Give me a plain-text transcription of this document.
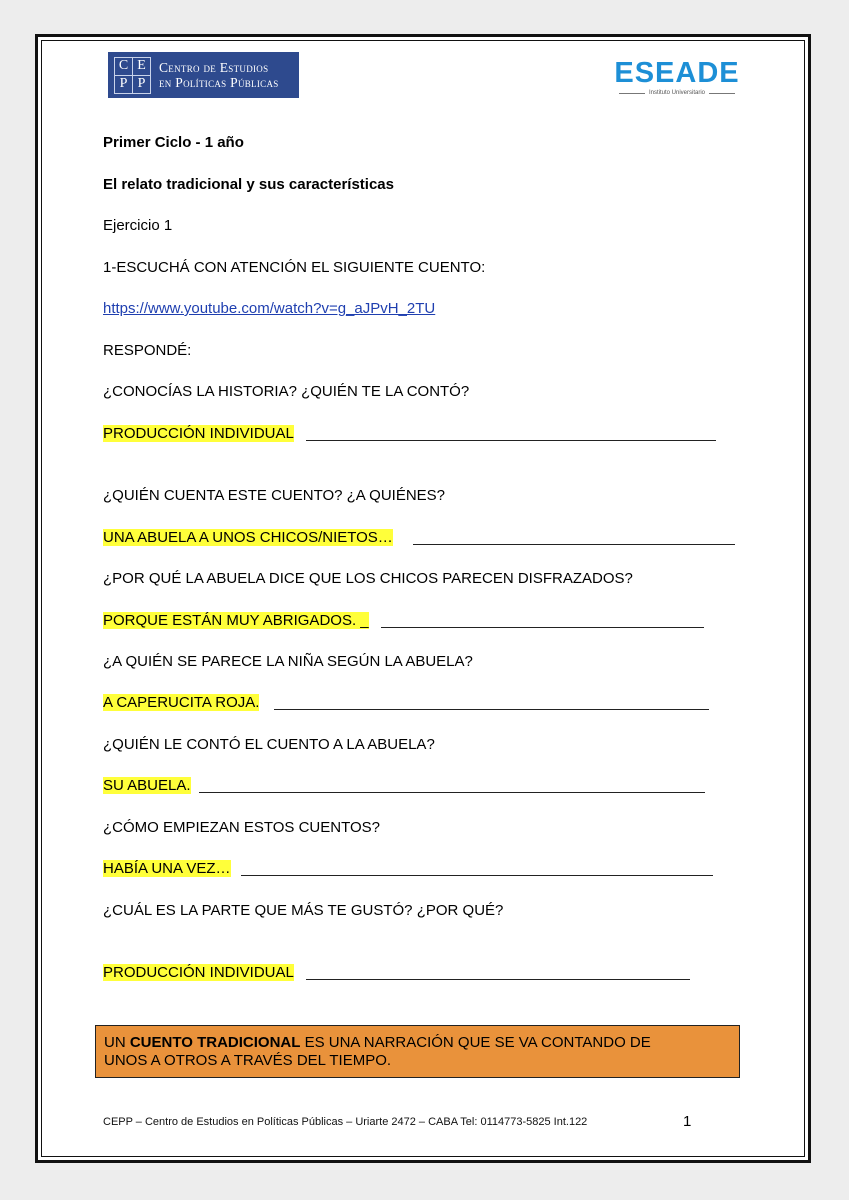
C E
P P
Centro de Estudios
en Políticas Públicas	ESEADE
Instituto Universitario
Primer Ciclo - 1 año
El relato tradicional y sus características
Ejercicio 1
1-ESCUCHÁ CON ATENCIÓN EL SIGUIENTE CUENTO:
https://www.youtube.com/watch?v=g_aJPvH_2TU
RESPONDÉ:
¿CONOCÍAS LA HISTORIA? ¿QUIÉN TE LA CONTÓ?
PRODUCCIÓN INDIVIDUAL
¿QUIÉN CUENTA ESTE CUENTO? ¿A QUIÉNES?
UNA ABUELA A UNOS CHICOS/NIETOS…
¿POR QUÉ LA ABUELA DICE QUE LOS CHICOS PARECEN DISFRAZADOS?
PORQUE ESTÁN MUY ABRIGADOS. _
¿A QUIÉN SE PARECE LA NIÑA SEGÚN LA ABUELA?
A CAPERUCITA ROJA.
¿QUIÉN LE CONTÓ EL CUENTO A LA ABUELA?
SU ABUELA.
¿CÓMO EMPIEZAN ESTOS CUENTOS?
HABÍA UNA VEZ…
¿CUÁL ES LA PARTE QUE MÁS TE GUSTÓ? ¿POR QUÉ?
PRODUCCIÓN INDIVIDUAL
UN CUENTO TRADICIONAL ES UNA NARRACIÓN QUE SE VA CONTANDO DE
UNOS A OTROS A TRAVÉS DEL TIEMPO.
CEPP – Centro de Estudios en Políticas Públicas – Uriarte 2472 – CABA Tel: 0114773-5825 Int.122	1
